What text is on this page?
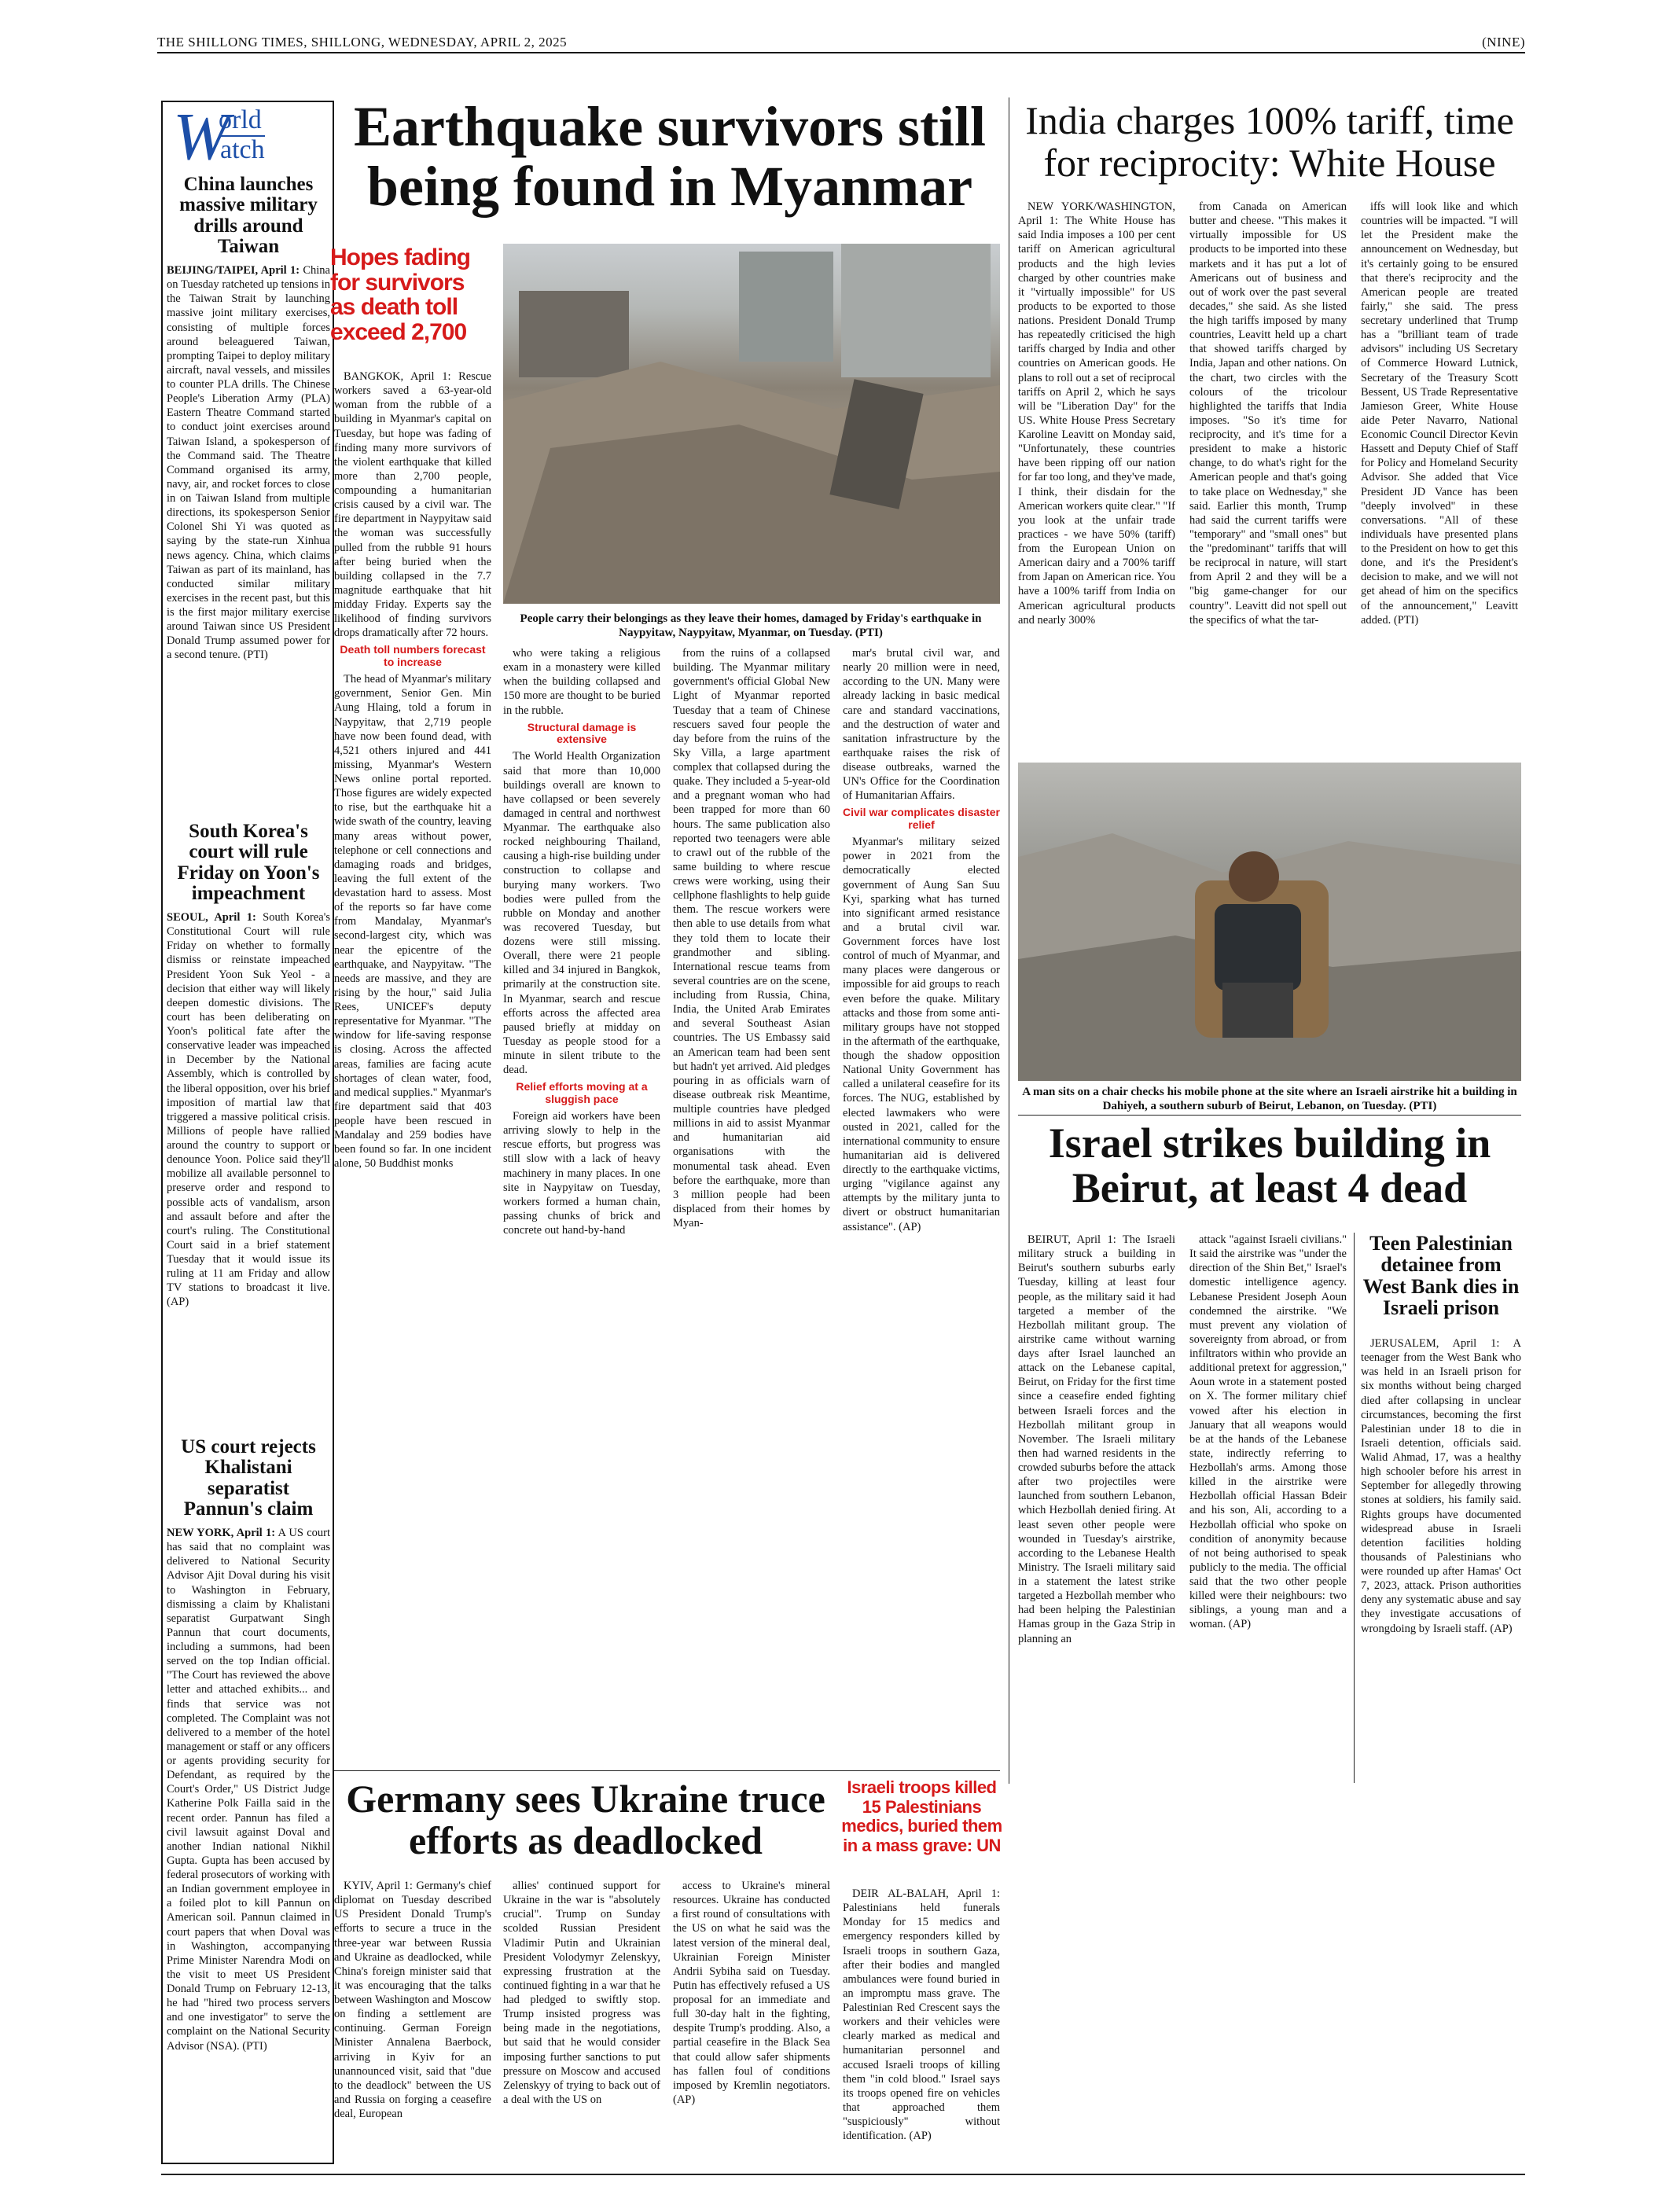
THE SHILLONG TIMES, SHILLONG, WEDNESDAY, APRIL 2, 2025	(NINE)
W
orld
atch
China launches massive military drills around Taiwan
BEIJING/TAIPEI, April 1: China on Tuesday ratcheted up tensions in the Taiwan Strait by launching massive joint military exercises, consisting of multiple forces around beleaguered Taiwan, prompting Taipei to deploy military aircraft, naval vessels, and missiles to counter PLA drills. The Chinese People's Liberation Army (PLA) Eastern Theatre Command started to conduct joint exercises around Taiwan Island, a spokesperson of the Command said. The Theatre Command organised its army, navy, air, and rocket forces to close in on Taiwan Island from multiple directions, its spokesperson Senior Colonel Shi Yi was quoted as saying by the state-run Xinhua news agency. China, which claims Taiwan as part of its mainland, has conducted similar military exercises in the recent past, but this is the first major military exercise around Taiwan since US President Donald Trump assumed power for a second tenure. (PTI)
South Korea's court will rule Friday on Yoon's impeachment
SEOUL, April 1: South Korea's Constitutional Court will rule Friday on whether to formally dismiss or reinstate impeached President Yoon Suk Yeol - a decision that either way will likely deepen domestic divisions. The court has been deliberating on Yoon's political fate after the conservative leader was impeached in December by the National Assembly, which is controlled by the liberal opposition, over his brief imposition of martial law that triggered a massive political crisis. Millions of people have rallied around the country to support or denounce Yoon. Police said they'll mobilize all available personnel to preserve order and respond to possible acts of vandalism, arson and assault before and after the court's ruling. The Constitutional Court said in a brief statement Tuesday that it would issue its ruling at 11 am Friday and allow TV stations to broadcast it live. (AP)
US court rejects Khalistani separatist Pannun's claim
NEW YORK, April 1: A US court has said that no complaint was delivered to National Security Advisor Ajit Doval during his visit to Washington in February, dismissing a claim by Khalistani separatist Gurpatwant Singh Pannun that court documents, including a summons, had been served on the top Indian official. "The Court has reviewed the above letter and attached exhibits... and finds that service was not completed. The Complaint was not delivered to a member of the hotel management or staff or any officers or agents providing security for Defendant, as required by the Court's Order," US District Judge Katherine Polk Failla said in the recent order. Pannun has filed a civil lawsuit against Doval and another Indian national Nikhil Gupta. Gupta has been accused by federal prosecutors of working with an Indian government employee in a foiled plot to kill Pannun on American soil. Pannun claimed in court papers that when Doval was in Washington, accompanying Prime Minister Narendra Modi on the visit to meet US President Donald Trump on February 12-13, he had "hired two process servers and one investigator" to serve the complaint on the National Security Advisor (NSA). (PTI)
Earthquake survivors still being found in Myanmar
Hopes fading for survivors as death toll exceed 2,700
People carry their belongings as they leave their homes, damaged by Friday's earthquake in Naypyitaw, Naypyitaw, Myanmar, on Tuesday. (PTI)

BANGKOK, April 1: Rescue workers saved a 63-year-old woman from the rubble of a building in Myanmar's capital on Tuesday, but hope was fading of finding many more survivors of the violent earthquake that killed more than 2,700 people, compounding a humanitarian crisis caused by a civil war. The fire department in Naypyitaw said the woman was successfully pulled from the rubble 91 hours after being buried when the building collapsed in the 7.7 magnitude earthquake that hit midday Friday. Experts say the likelihood of finding survivors drops dramatically after 72 hours.

Death toll numbers forecast to increase

The head of Myanmar's military government, Senior Gen. Min Aung Hlaing, told a forum in Naypyitaw, that 2,719 people have now been found dead, with 4,521 others injured and 441 missing, Myanmar's Western News online portal reported. Those figures are widely expected to rise, but the earthquake hit a wide swath of the country, leaving many areas without power, telephone or cell connections and damaging roads and bridges, leaving the full extent of the devastation hard to assess. Most of the reports so far have come from Mandalay, Myanmar's second-largest city, which was near the epicentre of the earthquake, and Naypyitaw. "The needs are massive, and they are rising by the hour," said Julia Rees, UNICEF's deputy representative for Myanmar. "The window for life-saving response is closing. Across the affected areas, families are facing acute shortages of clean water, food, and medical supplies." Myanmar's fire department said that 403 people have been rescued in Mandalay and 259 bodies have been found so far. In one incident alone, 50 Buddhist monks

who were taking a religious exam in a monastery were killed when the building collapsed and 150 more are thought to be buried in the rubble.

Structural damage is extensive

The World Health Organization said that more than 10,000 buildings overall are known to have collapsed or been severely damaged in central and northwest Myanmar. The earthquake also rocked neighbouring Thailand, causing a high-rise building under construction to collapse and burying many workers. Two bodies were pulled from the rubble on Monday and another was recovered Tuesday, but dozens were still missing. Overall, there were 21 people killed and 34 injured in Bangkok, primarily at the construction site. In Myanmar, search and rescue efforts across the affected area paused briefly at midday on Tuesday as people stood for a minute in silent tribute to the dead.

Relief efforts moving at a sluggish pace

Foreign aid workers have been arriving slowly to help in the rescue efforts, but progress was still slow with a lack of heavy machinery in many places. In one site in Naypyitaw on Tuesday, workers formed a human chain, passing chunks of brick and concrete out hand-by-hand

from the ruins of a collapsed building. The Myanmar military government's official Global New Light of Myanmar reported Tuesday that a team of Chinese rescuers saved four people the day before from the ruins of the Sky Villa, a large apartment complex that collapsed during the quake. They included a 5-year-old and a pregnant woman who had been trapped for more than 60 hours. The same publication also reported two teenagers were able to crawl out of the rubble of the same building to where rescue crews were working, using their cellphone flashlights to help guide them. The rescue workers were then able to use details from what they told them to locate their grandmother and sibling. International rescue teams from several countries are on the scene, including from Russia, China, India, the United Arab Emirates and several Southeast Asian countries. The US Embassy said an American team had been sent but hadn't yet arrived. Aid pledges pouring in as officials warn of disease outbreak risk Meantime, multiple countries have pledged millions in aid to assist Myanmar and humanitarian aid organisations with the monumental task ahead. Even before the earthquake, more than 3 million people had been displaced from their homes by Myan-

mar's brutal civil war, and nearly 20 million were in need, according to the UN. Many were already lacking in basic medical care and standard vaccinations, and the destruction of water and sanitation infrastructure by the earthquake raises the risk of disease outbreaks, warned the UN's Office for the Coordination of Humanitarian Affairs.

Civil war complicates disaster relief

Myanmar's military seized power in 2021 from the democratically elected government of Aung San Suu Kyi, sparking what has turned into significant armed resistance and a brutal civil war. Government forces have lost control of much of Myanmar, and many places were dangerous or impossible for aid groups to reach even before the quake. Military attacks and those from some anti-military groups have not stopped in the aftermath of the earthquake, though the shadow opposition National Unity Government has called a unilateral ceasefire for its forces. The NUG, established by elected lawmakers who were ousted in 2021, called for the international community to ensure humanitarian aid is delivered directly to the earthquake victims, urging "vigilance against any attempts by the military junta to divert or obstruct humanitarian assistance". (AP)

India charges 100% tariff, time for reciprocity: White House

NEW YORK/WASHINGTON, April 1: The White House has said India imposes a 100 per cent tariff on American agricultural products and the high levies charged by other countries make it "virtually impossible" for US products to be exported to those nations. President Donald Trump has repeatedly criticised the high tariffs charged by India and other countries on American goods. He plans to roll out a set of reciprocal tariffs on April 2, which he says will be "Liberation Day" for the US. White House Press Secretary Karoline Leavitt on Monday said, "Unfortunately, these countries have been ripping off our nation for far too long, and they've made, I think, their disdain for the American workers quite clear." "If you look at the unfair trade practices - we have 50% (tariff) from the European Union on American dairy and a 700% tariff from Japan on American rice. You have a 100% tariff from India on American agricultural products and nearly 300%

from Canada on American butter and cheese. "This makes it virtually impossible for US products to be imported into these markets and it has put a lot of Americans out of business and out of work over the past several decades," she said. As she listed the high tariffs imposed by many countries, Leavitt held up a chart that showed tariffs charged by India, Japan and other nations. On the chart, two circles with the colours of the tricolour highlighted the tariffs that India imposes. "So it's time for reciprocity, and it's time for a president to make a historic change, to do what's right for the American people and that's going to take place on Wednesday," she said. Earlier this month, Trump had said the current tariffs were "temporary" and "small ones" but the "predominant" tariffs that will be reciprocal in nature, will start from April 2 and they will be a "big game-changer for our country". Leavitt did not spell out the specifics of what the tar-

iffs will look like and which countries will be impacted. "I will let the President make the announcement on Wednesday, but it's certainly going to be ensured that there's reciprocity and the American people are treated fairly," she said. The press secretary underlined that Trump has a "brilliant team of trade advisors" including US Secretary of Commerce Howard Lutnick, Secretary of the Treasury Scott Bessent, US Trade Representative Jamieson Greer, White House aide Peter Navarro, National Economic Council Director Kevin Hassett and Deputy Chief of Staff for Policy and Homeland Security Advisor. She added that Vice President JD Vance has been "deeply involved" in these conversations. "All of these individuals have presented plans to the President on how to get this done, and it's the President's decision to make, and we will not get ahead of him on the specifics of the announcement," Leavitt added. (PTI)

A man sits on a chair checks his mobile phone at the site where an Israeli airstrike hit a building in Dahiyeh, a southern suburb of Beirut, Lebanon, on Tuesday. (PTI)
Israel strikes building in Beirut, at least 4 dead

BEIRUT, April 1: The Israeli military struck a building in Beirut's southern suburbs early Tuesday, killing at least four people, as the military said it had targeted a member of the Hezbollah militant group. The airstrike came without warning days after Israel launched an attack on the Lebanese capital, Beirut, on Friday for the first time since a ceasefire ended fighting between Israeli forces and the Hezbollah militant group in November. The Israeli military then had warned residents in the crowded suburbs before the attack after two projectiles were launched from southern Lebanon, which Hezbollah denied firing. At least seven other people were wounded in Tuesday's airstrike, according to the Lebanese Health Ministry. The Israeli military said in a statement the latest strike targeted a Hezbollah member who had been helping the Palestinian Hamas group in the Gaza Strip in planning an

attack "against Israeli civilians." It said the airstrike was "under the direction of the Shin Bet," Israel's domestic intelligence agency. Lebanese President Joseph Aoun condemned the airstrike. "We must prevent any violation of sovereignty from abroad, or from infiltrators within who provide an additional pretext for aggression," Aoun wrote in a statement posted on X. The former military chief vowed after his election in January that all weapons would be at the hands of the Lebanese state, indirectly referring to Hezbollah's arms. Among those killed in the airstrike were Hezbollah official Hassan Bdeir and his son, Ali, according to a Hezbollah official who spoke on condition of anonymity because of not being authorised to speak publicly to the media. The official said that the two other people killed were their neighbours: two siblings, a young man and a woman. (AP)

Teen Palestinian detainee from West Bank dies in Israeli prison

JERUSALEM, April 1: A teenager from the West Bank who was held in an Israeli prison for six months without being charged died after collapsing in unclear circumstances, becoming the first Palestinian under 18 to die in Israeli detention, officials said. Walid Ahmad, 17, was a healthy high schooler before his arrest in September for allegedly throwing stones at soldiers, his family said. Rights groups have documented widespread abuse in Israeli detention facilities holding thousands of Palestinians who were rounded up after Hamas' Oct 7, 2023, attack. Prison authorities deny any systematic abuse and say they investigate accusations of wrongdoing by Israeli staff. (AP)

Germany sees Ukraine truce efforts as deadlocked

KYIV, April 1: Germany's chief diplomat on Tuesday described US President Donald Trump's efforts to secure a truce in the three-year war between Russia and Ukraine as deadlocked, while China's foreign minister said that it was encouraging that the talks between Washington and Moscow on finding a settlement are continuing. German Foreign Minister Annalena Baerbock, arriving in Kyiv for an unannounced visit, said that "due to the deadlock" between the US and Russia on forging a ceasefire deal, European

allies' continued support for Ukraine in the war is "absolutely crucial". Trump on Sunday scolded Russian President Vladimir Putin and Ukrainian President Volodymyr Zelenskyy, expressing frustration at the continued fighting in a war that he had pledged to swiftly stop. Trump insisted progress was being made in the negotiations, but said that he would consider imposing further sanctions to put pressure on Moscow and accused Zelenskyy of trying to back out of a deal with the US on

access to Ukraine's mineral resources. Ukraine has conducted a first round of consultations with the US on what he said was the latest version of the mineral deal, Ukrainian Foreign Minister Andrii Sybiha said on Tuesday. Putin has effectively refused a US proposal for an immediate and full 30-day halt in the fighting, despite Trump's prodding. Also, a partial ceasefire in the Black Sea that could allow safer shipments has fallen foul of conditions imposed by Kremlin negotiators. (AP)

Israeli troops killed 15 Palestinians medics, buried them in a mass grave: UN

DEIR AL-BALAH, April 1: Palestinians held funerals Monday for 15 medics and emergency responders killed by Israeli troops in southern Gaza, after their bodies and mangled ambulances were found buried in an impromptu mass grave. The Palestinian Red Crescent says the workers and their vehicles were clearly marked as medical and humanitarian personnel and accused Israeli troops of killing them "in cold blood." Israel says its troops opened fire on vehicles that approached them "suspiciously" without identification. (AP)
